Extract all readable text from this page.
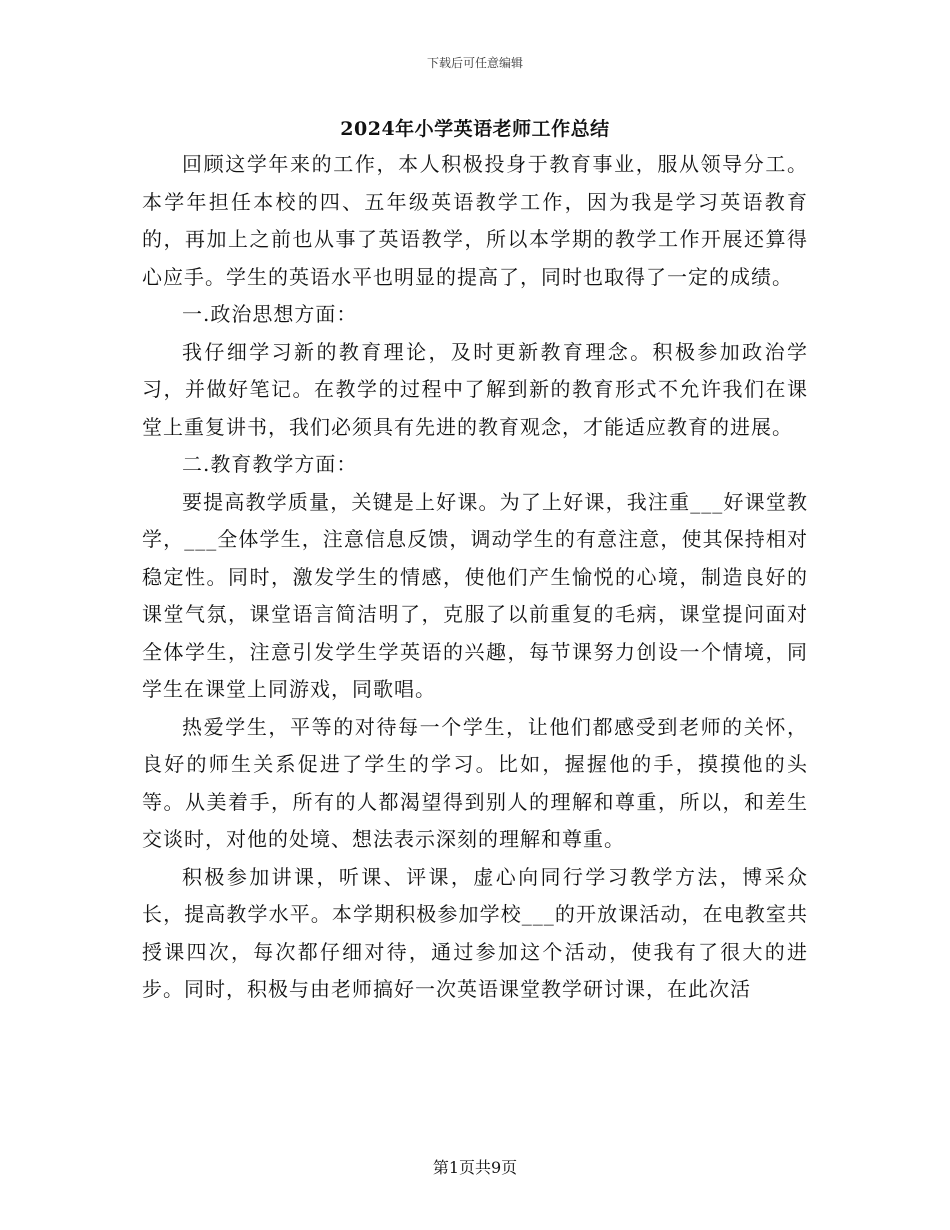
下载后可任意编辑
2024年小学英语老师工作总结

回顾这学年来的工作，本人积极投身于教育事业，服从领导分工。本学年担任本校的四、五年级英语教学工作，因为我是学习英语教育的，再加上之前也从事了英语教学，所以本学期的教学工作开展还算得心应手。学生的英语水平也明显的提高了，同时也取得了一定的成绩。

一.政治思想方面：

我仔细学习新的教育理论，及时更新教育理念。积极参加政治学习，并做好笔记。在教学的过程中了解到新的教育形式不允许我们在课堂上重复讲书，我们必须具有先进的教育观念，才能适应教育的进展。

二.教育教学方面：

要提高教学质量，关键是上好课。为了上好课，我注重___好课堂教学，___全体学生，注意信息反馈，调动学生的有意注意，使其保持相对稳定性。同时，激发学生的情感，使他们产生愉悦的心境，制造良好的课堂气氛，课堂语言简洁明了，克服了以前重复的毛病，课堂提问面对全体学生，注意引发学生学英语的兴趣，每节课努力创设一个情境，同学生在课堂上同游戏，同歌唱。

热爱学生，平等的对待每一个学生，让他们都感受到老师的关怀，良好的师生关系促进了学生的学习。比如，握握他的手，摸摸他的头等。从美着手，所有的人都渴望得到别人的理解和尊重，所以，和差生交谈时，对他的处境、想法表示深刻的理解和尊重。

积极参加讲课，听课、评课，虚心向同行学习教学方法，博采众长，提高教学水平。本学期积极参加学校___的开放课活动，在电教室共授课四次，每次都仔细对待，通过参加这个活动，使我有了很大的进步。同时，积极与由老师搞好一次英语课堂教学研讨课，在此次活

第1页共9页
